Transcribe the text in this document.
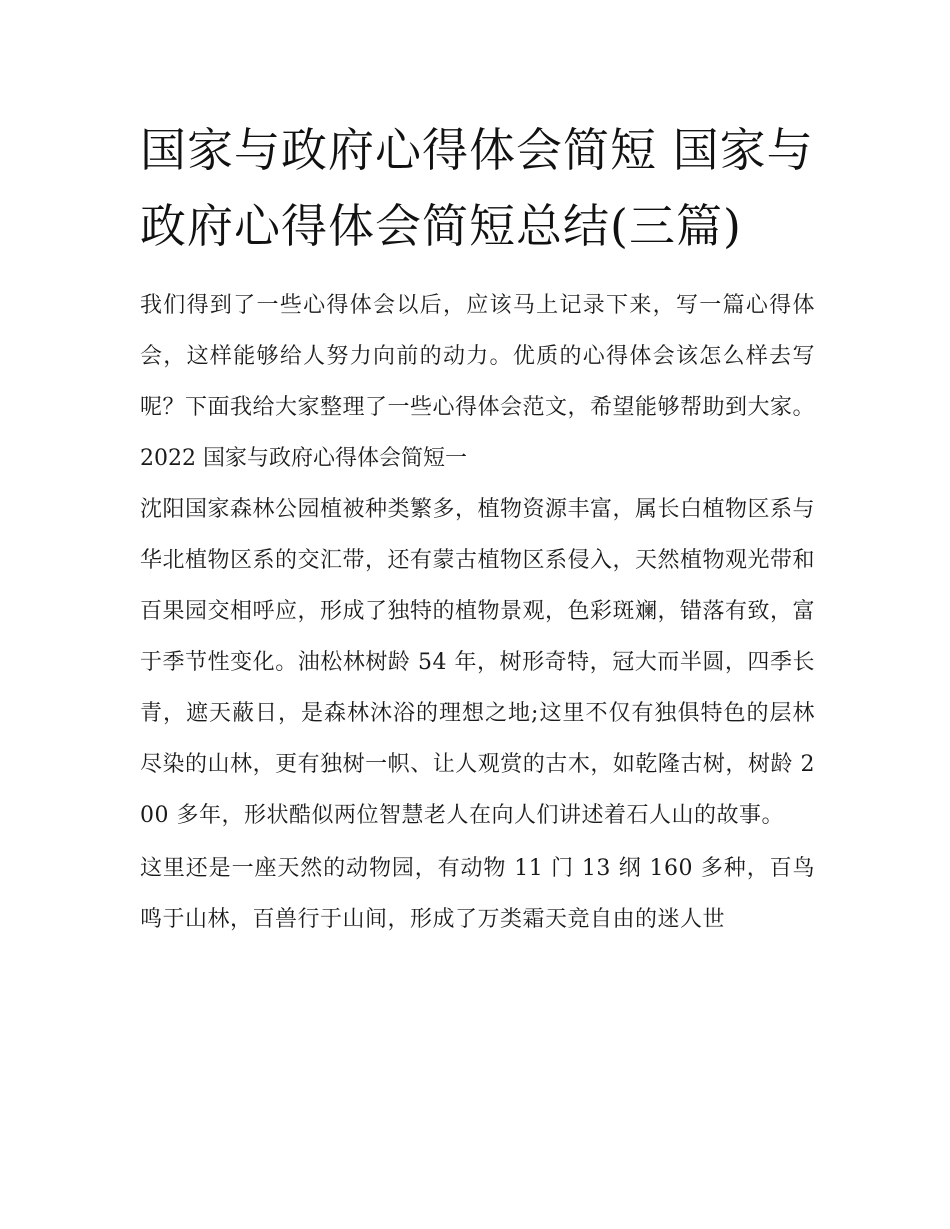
国家与政府心得体会简短 国家与政府心得体会简短总结(三篇)

我们得到了一些心得体会以后，应该马上记录下来，写一篇心得体会，这样能够给人努力向前的动力。优质的心得体会该怎么样去写呢？下面我给大家整理了一些心得体会范文，希望能够帮助到大家。

2022 国家与政府心得体会简短一

沈阳国家森林公园植被种类繁多，植物资源丰富，属长白植物区系与华北植物区系的交汇带，还有蒙古植物区系侵入，天然植物观光带和百果园交相呼应，形成了独特的植物景观，色彩斑斓，错落有致，富于季节性变化。油松林树龄 54 年，树形奇特，冠大而半圆，四季长青，遮天蔽日，是森林沐浴的理想之地;这里不仅有独俱特色的层林尽染的山林，更有独树一帜、让人观赏的古木，如乾隆古树，树龄 200 多年，形状酷似两位智慧老人在向人们讲述着石人山的故事。

这里还是一座天然的动物园，有动物 11 门 13 纲 160 多种，百鸟鸣于山林，百兽行于山间，形成了万类霜天竞自由的迷人世
